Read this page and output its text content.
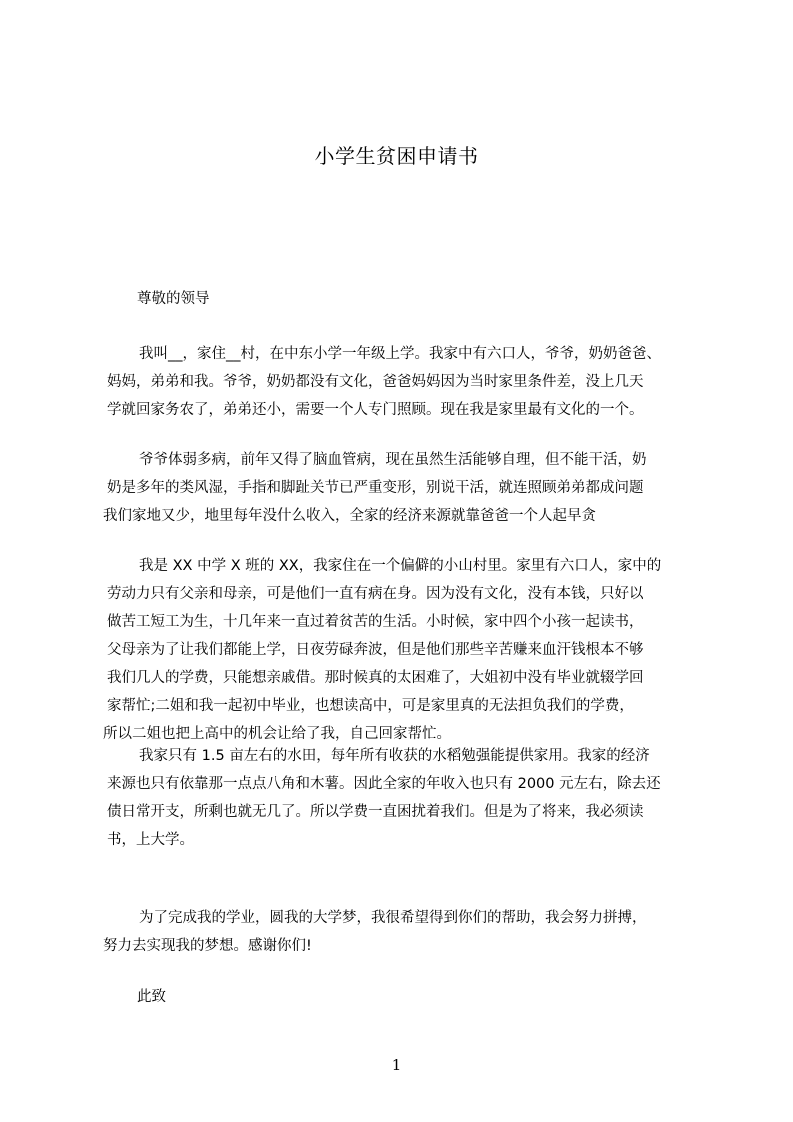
小学生贫困申请书
尊敬的领导
我叫__，家住__村，在中东小学一年级上学。我家中有六口人，爷爷，奶奶爸爸、
妈妈，弟弟和我。爷爷，奶奶都没有文化，爸爸妈妈因为当时家里条件差，没上几天
学就回家务农了，弟弟还小，需要一个人专门照顾。现在我是家里最有文化的一个。
爷爷体弱多病，前年又得了脑血管病，现在虽然生活能够自理，但不能干活，奶
奶是多年的类风湿，手指和脚趾关节已严重变形，别说干活，就连照顾弟弟都成问题
我们家地又少，地里每年没什么收入，全家的经济来源就靠爸爸一个人起早贪
我是 XX 中学 X 班的 XX，我家住在一个偏僻的小山村里。家里有六口人，家中的
劳动力只有父亲和母亲，可是他们一直有病在身。因为没有文化，没有本钱，只好以
做苦工短工为生，十几年来一直过着贫苦的生活。小时候，家中四个小孩一起读书，
父母亲为了让我们都能上学，日夜劳碌奔波，但是他们那些辛苦赚来血汗钱根本不够
我们几人的学费，只能想亲戚借。那时候真的太困难了，大姐初中没有毕业就辍学回
家帮忙;二姐和我一起初中毕业，也想读高中，可是家里真的无法担负我们的学费，
所以二姐也把上高中的机会让给了我，自己回家帮忙。
我家只有 1.5 亩左右的水田，每年所有收获的水稻勉强能提供家用。我家的经济
来源也只有依靠那一点点八角和木薯。因此全家的年收入也只有 2000 元左右，除去还
债日常开支，所剩也就无几了。所以学费一直困扰着我们。但是为了将来，我必须读
书，上大学。
为了完成我的学业，圆我的大学梦，我很希望得到你们的帮助，我会努力拼搏，
努力去实现我的梦想。感谢你们!
此致
1
